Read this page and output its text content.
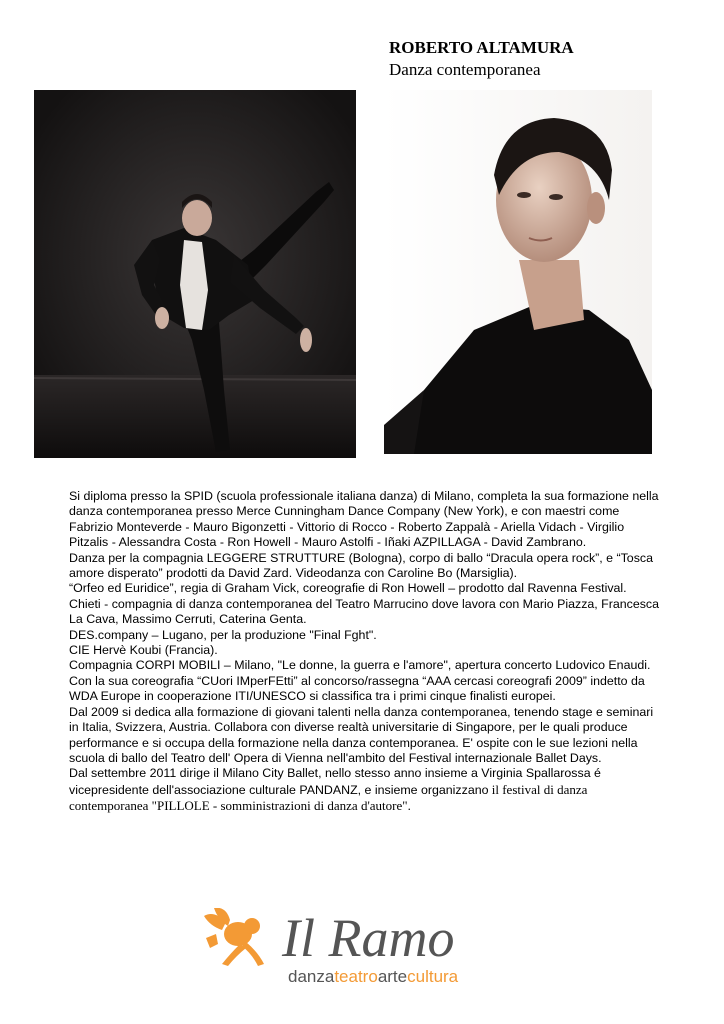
ROBERTO ALTAMURA
Danza contemporanea

Si diploma presso la SPID (scuola professionale italiana danza) di Milano, completa la sua formazione nella danza contemporanea presso Merce Cunningham Dance Company (New York), e con maestri come Fabrizio Monteverde - Mauro Bigonzetti - Vittorio di Rocco - Roberto Zappalà - Ariella Vidach - Virgilio Pitzalis - Alessandra Costa - Ron Howell - Mauro Astolfi - Iñaki AZPILLAGA - David Zambrano.

Danza per la compagnia LEGGERE STRUTTURE (Bologna), corpo di ballo “Dracula opera rock”, e “Tosca amore disperato” prodotti da David Zard. Videodanza con Caroline Bo (Marsiglia).

“Orfeo ed Euridice”, regia di Graham Vick, coreografie di Ron Howell – prodotto dal Ravenna Festival.

Chieti - compagnia di danza contemporanea del Teatro Marrucino dove lavora con Mario Piazza, Francesca La Cava, Massimo Cerruti, Caterina Genta.

DES.company – Lugano, per la produzione "Final Fght".

CIE Hervè Koubi (Francia).

Compagnia CORPI MOBILI – Milano, "Le donne, la guerra e l'amore", apertura concerto Ludovico Enaudi. Con la sua coreografia “CUori IMperFEtti” al concorso/rassegna “AAA cercasi coreografi 2009” indetto da WDA Europe in cooperazione ITI/UNESCO si classifica tra i primi cinque finalisti europei.

Dal 2009 si dedica alla formazione di giovani talenti nella danza contemporanea, tenendo stage e seminari in Italia, Svizzera, Austria. Collabora con diverse realtà universitarie di Singapore, per le quali produce performance e si occupa della formazione nella danza contemporanea. E' ospite con le sue lezioni nella scuola di ballo del Teatro dell' Opera di Vienna nell'ambito del Festival internazionale Ballet Days.

Dal settembre 2011 dirige il Milano City Ballet, nello stesso anno insieme a Virginia Spallarossa é vicepresidente dell'associazione culturale PANDANZ, e insieme organizzano il festival di danza contemporanea "PILLOLE - somministrazioni di danza d'autore".

Il Ramo
danzateatroartecultura
